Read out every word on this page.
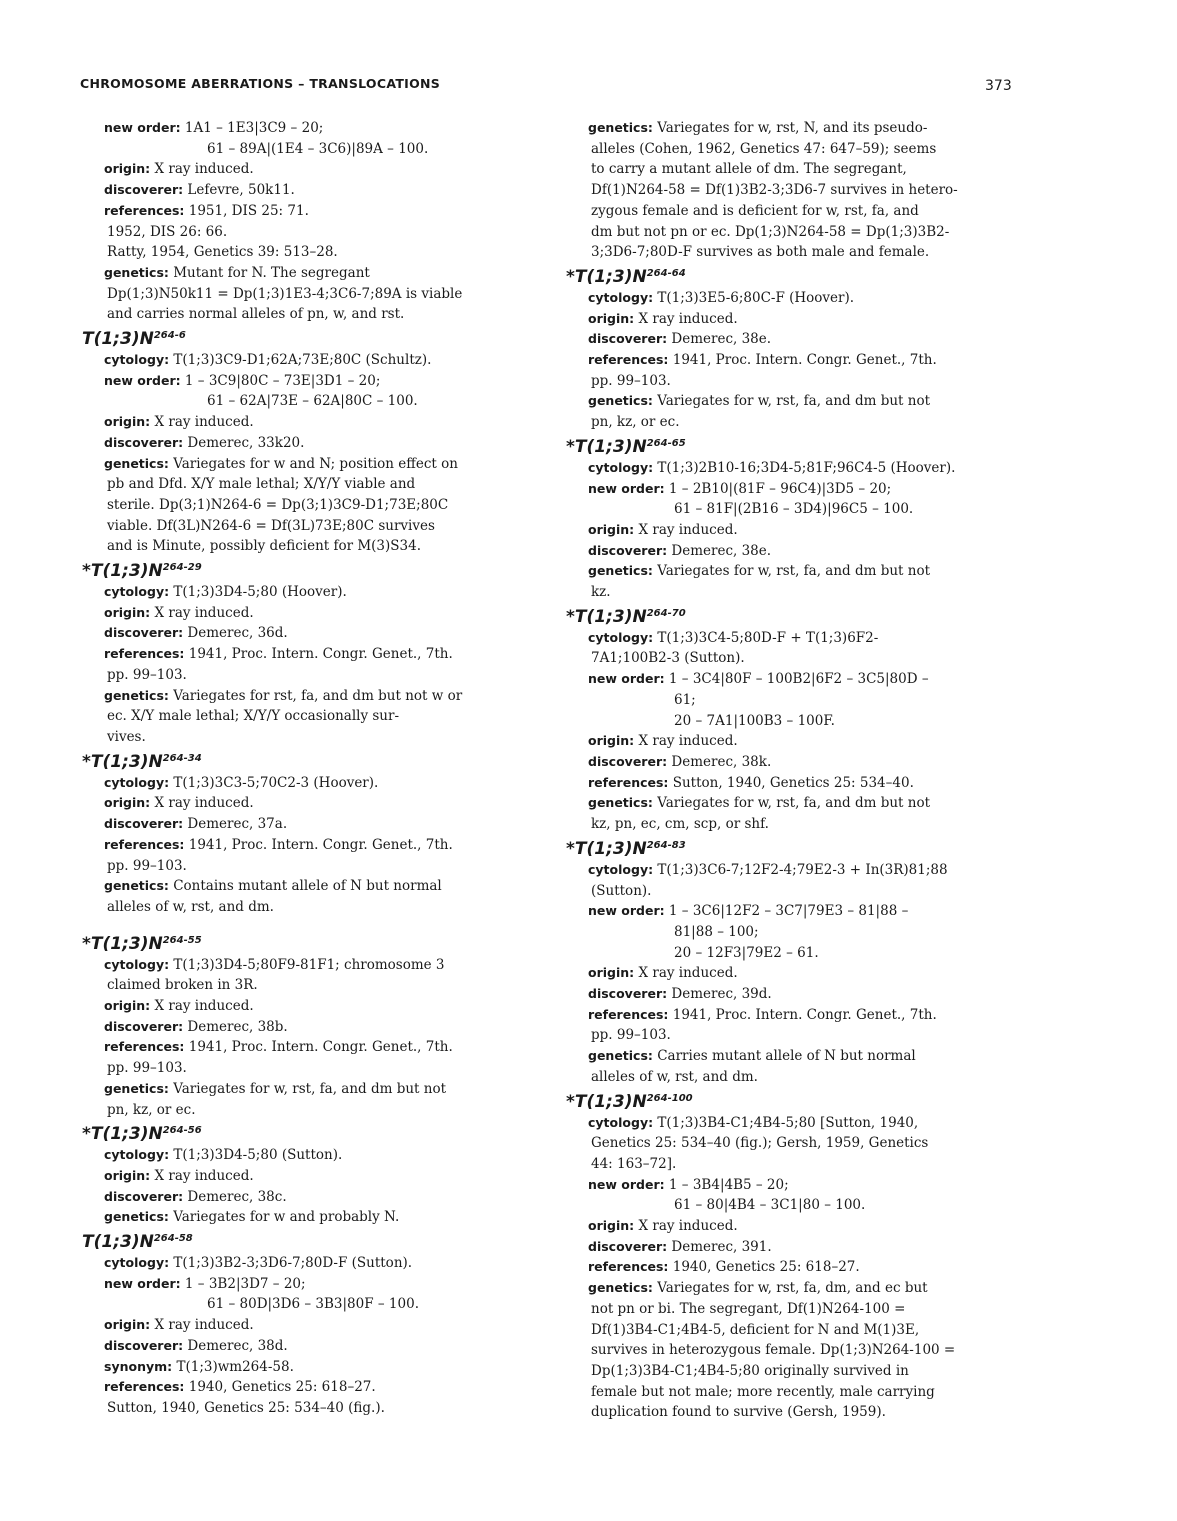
CHROMOSOME ABERRATIONS – TRANSLOCATIONS	373
new order: 1A1 – 1E3|3C9 – 20;
61 – 89A|(1E4 – 3C6)|89A – 100.
origin: X ray induced.
discoverer: Lefevre, 50k11.
references: 1951, DIS 25: 71.
1952, DIS 26: 66.
Ratty, 1954, Genetics 39: 513–28.
genetics: Mutant for N. The segregant
Dp(1;3)N50k11 = Dp(1;3)1E3-4;3C6-7;89A is viable
and carries normal alleles of pn, w, and rst.
$T(1;3)N^{264-6}$
cytology: T(1;3)3C9-D1;62A;73E;80C (Schultz).
new order: 1 – 3C9|80C – 73E|3D1 – 20;
61 – 62A|73E – 62A|80C – 100.
origin: X ray induced.
discoverer: Demerec, 33k20.
genetics: Variegates for w and N; position effect on
pb and Dfd. X/Y male lethal; X/Y/Y viable and
sterile. Dp(3;1)N264-6 = Dp(3;1)3C9-D1;73E;80C
viable. Df(3L)N264-6 = Df(3L)73E;80C survives
and is Minute, possibly deficient for M(3)S34.
$*T(1;3)N^{264-29}$
cytology: T(1;3)3D4-5;80 (Hoover).
origin: X ray induced.
discoverer: Demerec, 36d.
references: 1941, Proc. Intern. Congr. Genet., 7th.
pp. 99–103.
genetics: Variegates for rst, fa, and dm but not w or
ec. X/Y male lethal; X/Y/Y occasionally sur-
vives.
$*T(1;3)N^{264-34}$
cytology: T(1;3)3C3-5;70C2-3 (Hoover).
origin: X ray induced.
discoverer: Demerec, 37a.
references: 1941, Proc. Intern. Congr. Genet., 7th.
pp. 99–103.
genetics: Contains mutant allele of N but normal
alleles of w, rst, and dm.
$*T(1;3)N^{264-55}$
cytology: T(1;3)3D4-5;80F9-81F1; chromosome 3
claimed broken in 3R.
origin: X ray induced.
discoverer: Demerec, 38b.
references: 1941, Proc. Intern. Congr. Genet., 7th.
pp. 99–103.
genetics: Variegates for w, rst, fa, and dm but not
pn, kz, or ec.
$*T(1;3)N^{264-56}$
cytology: T(1;3)3D4-5;80 (Sutton).
origin: X ray induced.
discoverer: Demerec, 38c.
genetics: Variegates for w and probably N.
$T(1;3)N^{264-58}$
cytology: T(1;3)3B2-3;3D6-7;80D-F (Sutton).
new order: 1 – 3B2|3D7 – 20;
61 – 80D|3D6 – 3B3|80F – 100.
origin: X ray induced.
discoverer: Demerec, 38d.
synonym: T(1;3)wm264-58.
references: 1940, Genetics 25: 618–27.
Sutton, 1940, Genetics 25: 534–40 (fig.).
genetics: Variegates for w, rst, N, and its pseudo-
alleles (Cohen, 1962, Genetics 47: 647–59); seems
to carry a mutant allele of dm. The segregant,
Df(1)N264-58 = Df(1)3B2-3;3D6-7 survives in hetero-
zygous female and is deficient for w, rst, fa, and
dm but not pn or ec. Dp(1;3)N264-58 = Dp(1;3)3B2-
3;3D6-7;80D-F survives as both male and female.
$*T(1;3)N^{264-64}$
cytology: T(1;3)3E5-6;80C-F (Hoover).
origin: X ray induced.
discoverer: Demerec, 38e.
references: 1941, Proc. Intern. Congr. Genet., 7th.
pp. 99–103.
genetics: Variegates for w, rst, fa, and dm but not
pn, kz, or ec.
$*T(1;3)N^{264-65}$
cytology: T(1;3)2B10-16;3D4-5;81F;96C4-5 (Hoover).
new order: 1 – 2B10|(81F – 96C4)|3D5 – 20;
61 – 81F|(2B16 – 3D4)|96C5 – 100.
origin: X ray induced.
discoverer: Demerec, 38e.
genetics: Variegates for w, rst, fa, and dm but not
kz.
$*T(1;3)N^{264-70}$
cytology: T(1;3)3C4-5;80D-F + T(1;3)6F2-
7A1;100B2-3 (Sutton).
new order: 1 – 3C4|80F – 100B2|6F2 – 3C5|80D –
61;
20 – 7A1|100B3 – 100F.
origin: X ray induced.
discoverer: Demerec, 38k.
references: Sutton, 1940, Genetics 25: 534–40.
genetics: Variegates for w, rst, fa, and dm but not
kz, pn, ec, cm, scp, or shf.
$*T(1;3)N^{264-83}$
cytology: T(1;3)3C6-7;12F2-4;79E2-3 + In(3R)81;88
(Sutton).
new order: 1 – 3C6|12F2 – 3C7|79E3 – 81|88 –
81|88 – 100;
20 – 12F3|79E2 – 61.
origin: X ray induced.
discoverer: Demerec, 39d.
references: 1941, Proc. Intern. Congr. Genet., 7th.
pp. 99–103.
genetics: Carries mutant allele of N but normal
alleles of w, rst, and dm.
$*T(1;3)N^{264-100}$
cytology: T(1;3)3B4-C1;4B4-5;80 [Sutton, 1940,
Genetics 25: 534–40 (fig.); Gersh, 1959, Genetics
44: 163–72].
new order: 1 – 3B4|4B5 – 20;
61 – 80|4B4 – 3C1|80 – 100.
origin: X ray induced.
discoverer: Demerec, 391.
references: 1940, Genetics 25: 618–27.
genetics: Variegates for w, rst, fa, dm, and ec but
not pn or bi. The segregant, Df(1)N264-100 =
Df(1)3B4-C1;4B4-5, deficient for N and M(1)3E,
survives in heterozygous female. Dp(1;3)N264-100 =
Dp(1;3)3B4-C1;4B4-5;80 originally survived in
female but not male; more recently, male carrying
duplication found to survive (Gersh, 1959).
